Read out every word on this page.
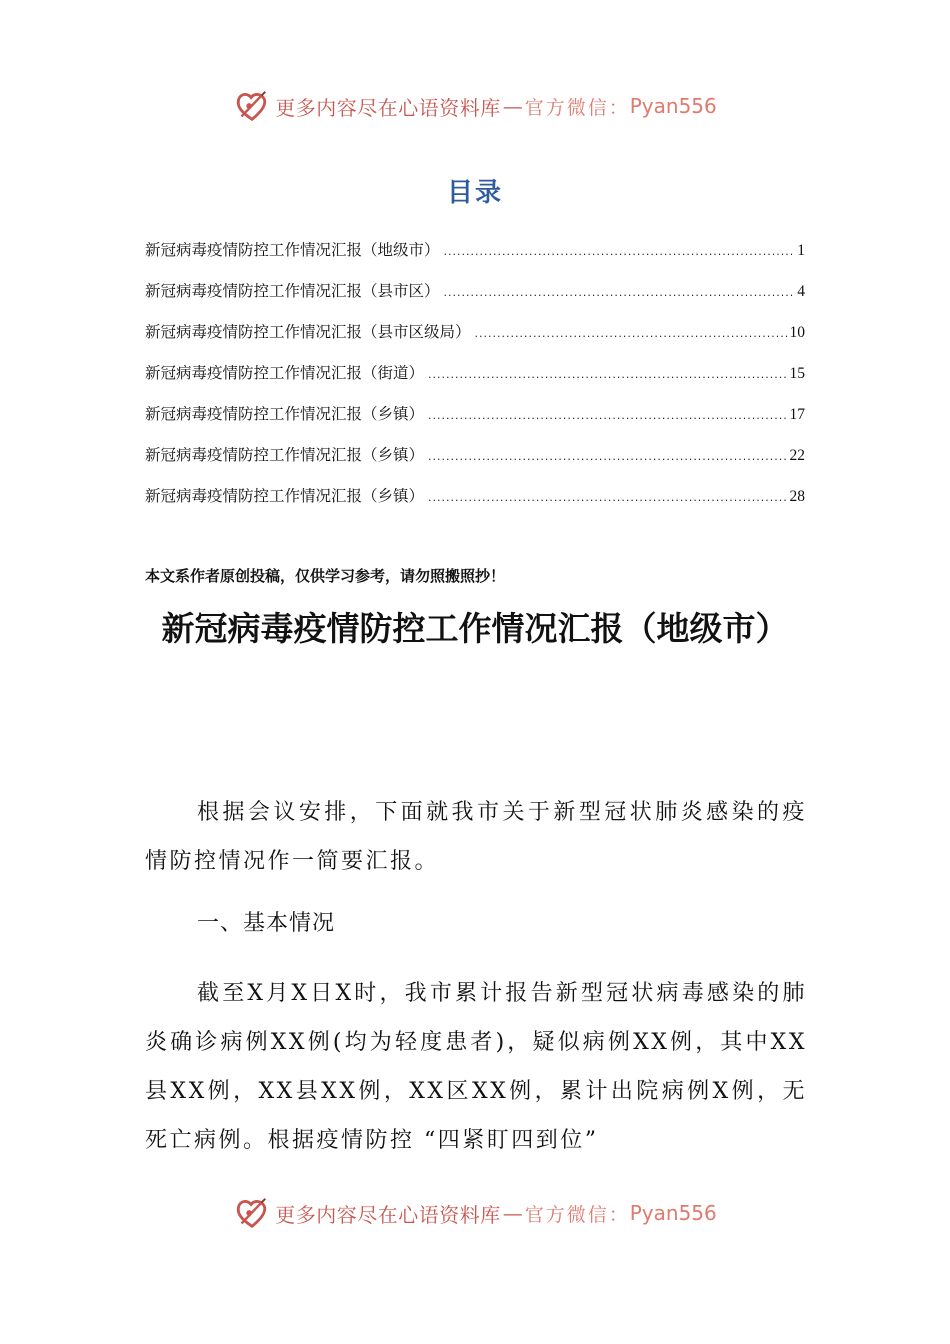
更多内容尽在心语资料库 — 官方微信： Pyan556
目录
新冠病毒疫情防控工作情况汇报（地级市） .....	1
新冠病毒疫情防控工作情况汇报（县市区） .....	4
新冠病毒疫情防控工作情况汇报（县市区级局） .....	10
新冠病毒疫情防控工作情况汇报（街道） .....	15
新冠病毒疫情防控工作情况汇报（乡镇） .....	17
新冠病毒疫情防控工作情况汇报（乡镇） .....	22
新冠病毒疫情防控工作情况汇报（乡镇） .....	28
本文系作者原创投稿，仅供学习参考，请勿照搬照抄！
新冠病毒疫情防控工作情况汇报（地级市）
根据会议安排，下面就我市关于新型冠状肺炎感染的疫情防控情况作一简要汇报。
一、基本情况
截至X月X日X时，我市累计报告新型冠状病毒感染的肺炎确诊病例XX例(均为轻度患者)，疑似病例XX例，其中XX县XX例，XX县XX例，XX区XX例，累计出院病例X例，无死亡病例。根据疫情防控 “四紧盯四到位”
更多内容尽在心语资料库 — 官方微信： Pyan556
